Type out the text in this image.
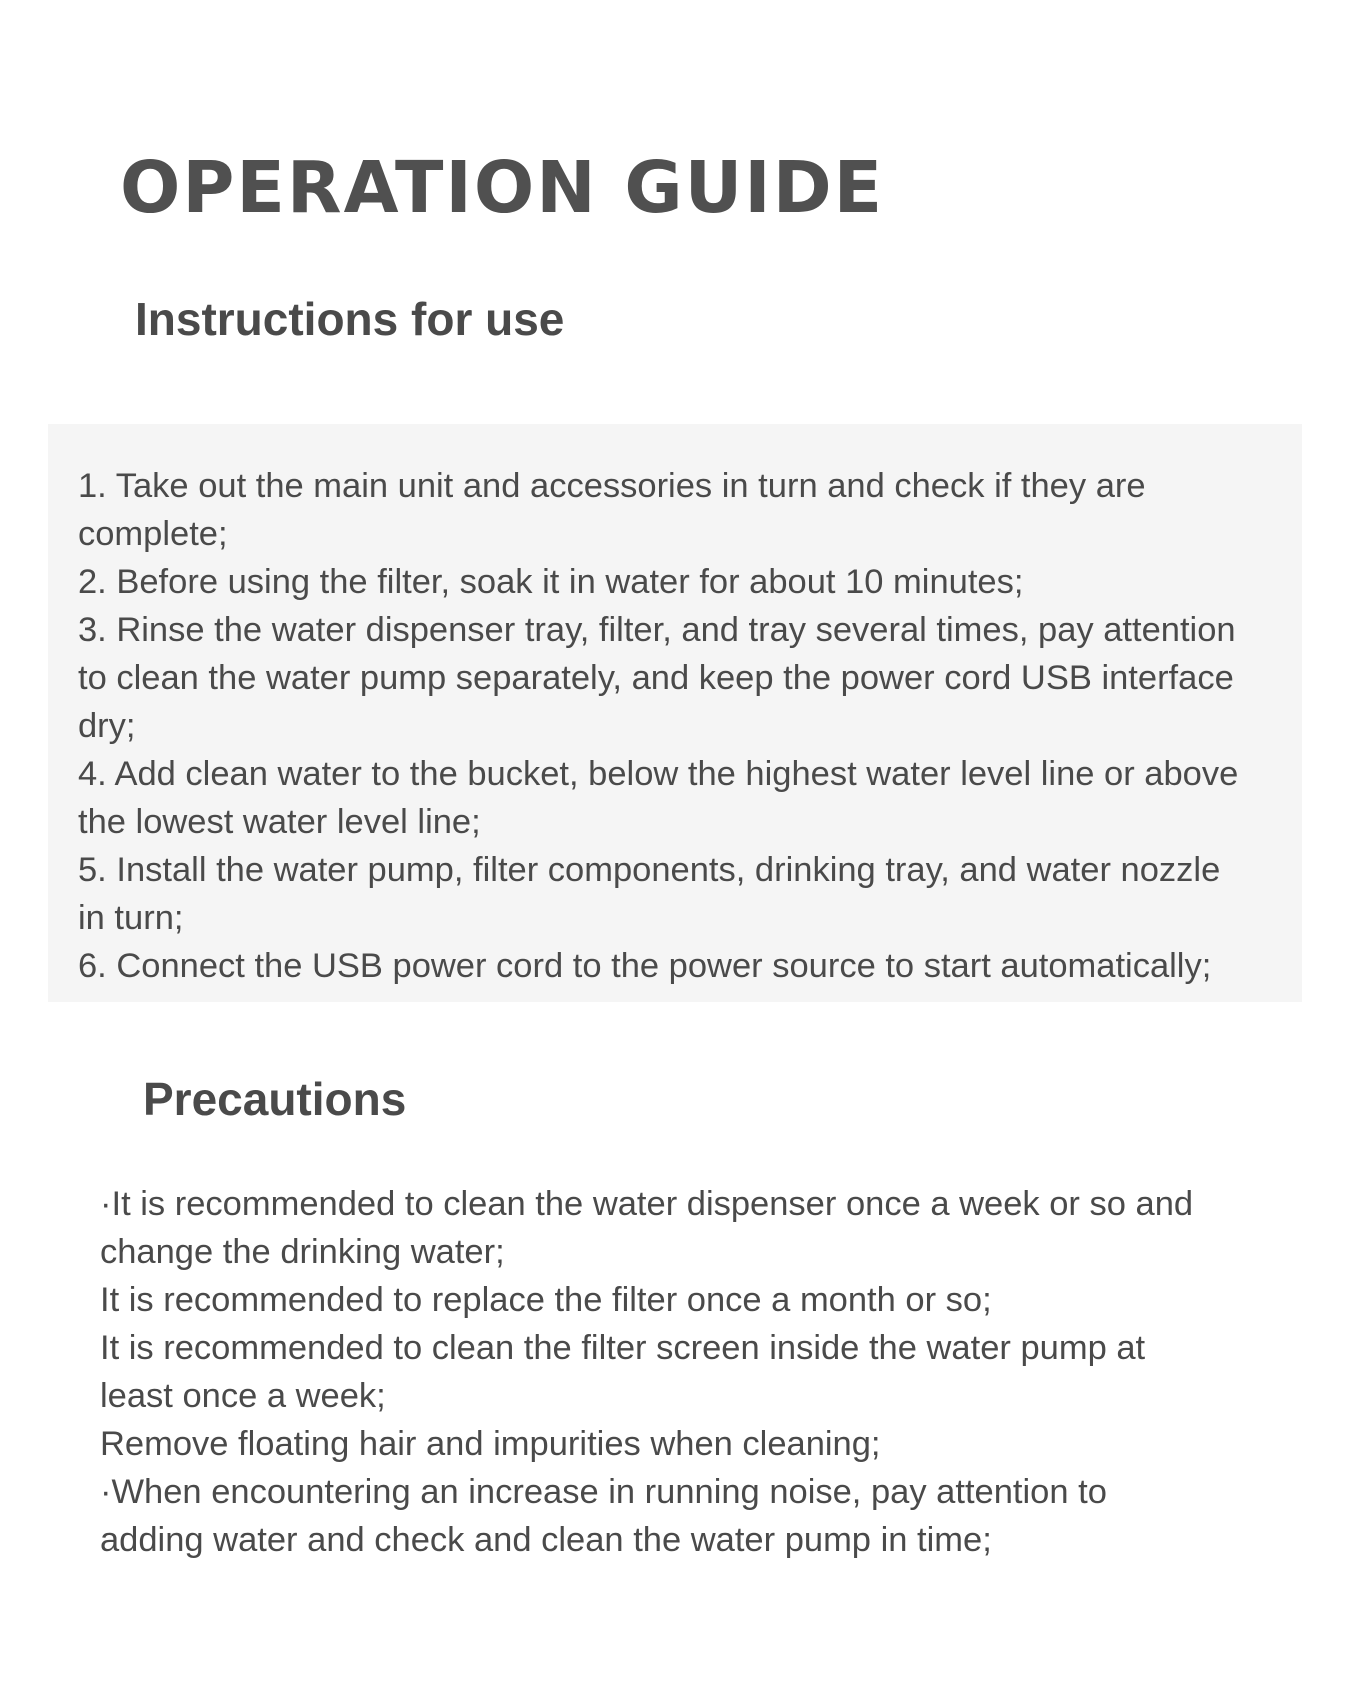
OPERATION GUIDE
Instructions for use
1. Take out the main unit and accessories in turn and check if they are
complete;
2. Before using the filter, soak it in water for about 10 minutes;
3. Rinse the water dispenser tray, filter, and tray several times, pay attention
to clean the water pump separately, and keep the power cord USB interface
dry;
4. Add clean water to the bucket, below the highest water level line or above
the lowest water level line;
5. Install the water pump, filter components, drinking tray, and water nozzle
in turn;
6. Connect the USB power cord to the power source to start automatically;
Precautions
·It is recommended to clean the water dispenser once a week or so and
change the drinking water;
It is recommended to replace the filter once a month or so;
It is recommended to clean the filter screen inside the water pump at
least once a week;
Remove floating hair and impurities when cleaning;
·When encountering an increase in running noise, pay attention to
adding water and check and clean the water pump in time;
